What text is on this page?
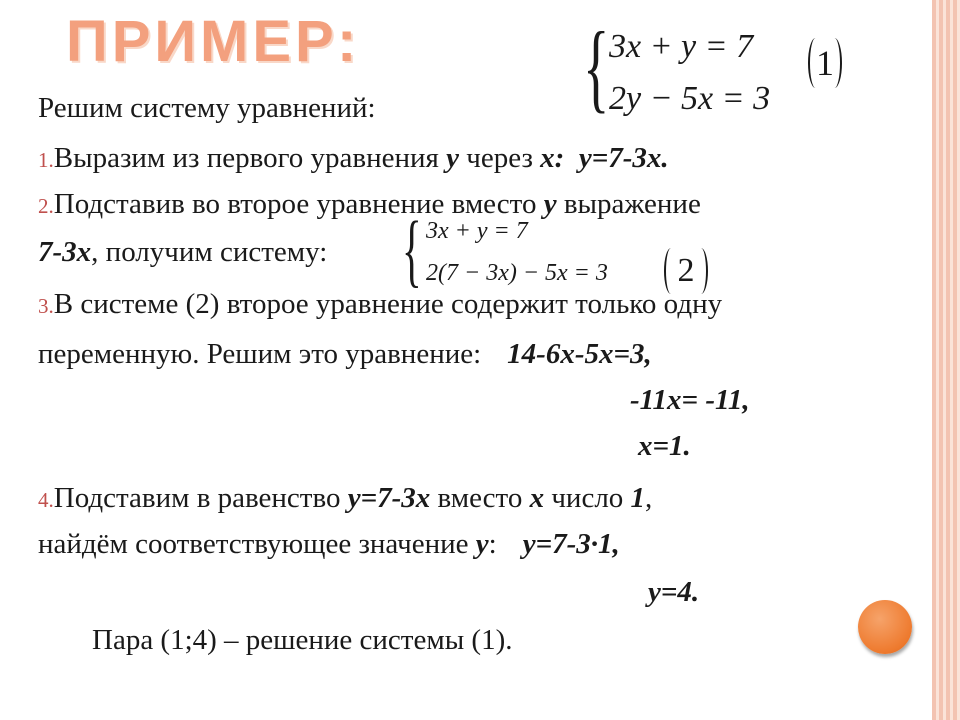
ПРИМЕР: { 3x + y = 7
2y − 5x = 3
1
Решим систему уравнений:
1.Выразим из первого уравнения у через х: у=7-3х.
2.Подставив во второе уравнение вместо у выражение
7-3х, получим систему: { 3x + y = 7
2(7 − 3x) − 5x = 3 2
3.В системе (2) второе уравнение содержит только одну
переменную. Решим это уравнение: 14-6х-5х=3,
-11х= -11,
х=1.
4.Подставим в равенство у=7-3х вместо х число 1,
найдём соответствующее значение у: у=7-3·1,
у=4.
Пара (1;4) – решение системы (1).
